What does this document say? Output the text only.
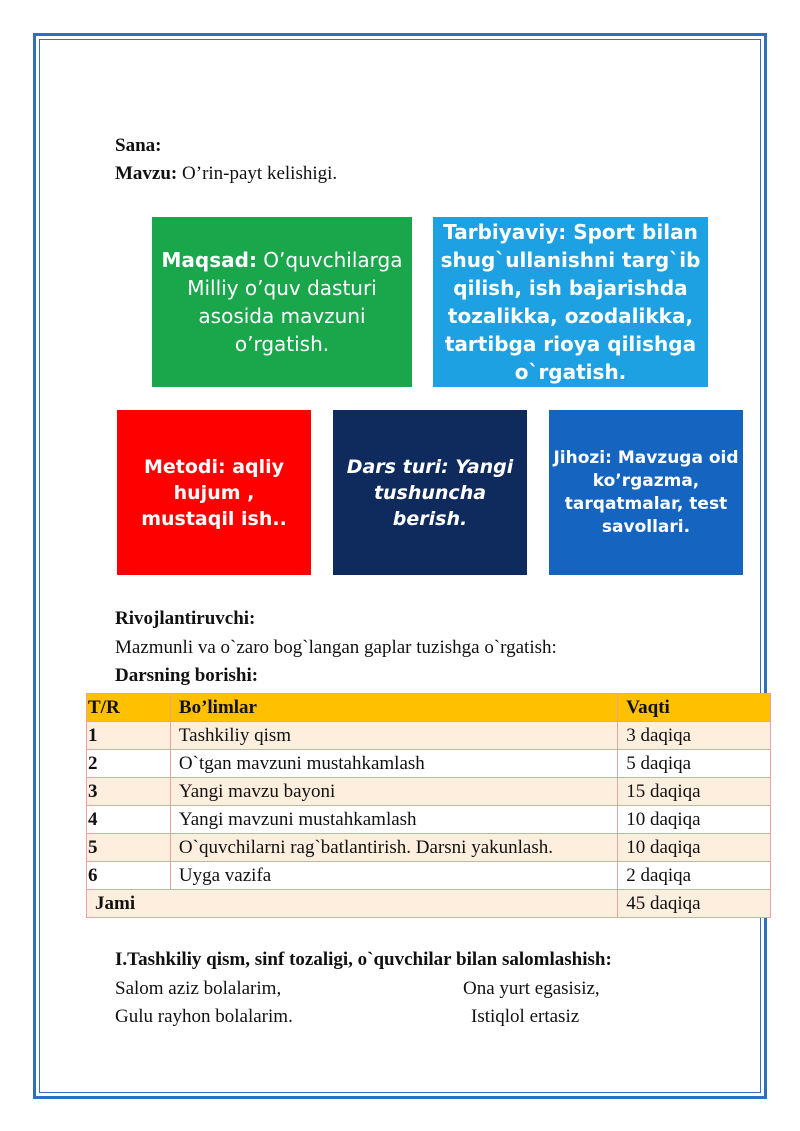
Sana:
Mavzu: O’rin-payt kelishigi.
Maqsad: O’quvchilarga Milliy o’quv dasturi asosida mavzuni o’rgatish.
Tarbiyaviy: Sport bilan shug`ullanishni targ`ib qilish, ish bajarishda tozalikka, ozodalikka, tartibga rioya qilishga o`rgatish.
Metodi: aqliy hujum , mustaqil ish..
Dars turi: Yangi tushuncha berish.
Jihozi: Mavzuga oid ko’rgazma, tarqatmalar, test savollari.
Rivojlantiruvchi:
Mazmunli va o`zaro bog`langan gaplar tuzishga o`rgatish:
Darsning borishi:
T/R	Bo’limlar	Vaqti
1	Tashkiliy qism	3 daqiqa
2	O`tgan mavzuni mustahkamlash	5 daqiqa
3	Yangi mavzu bayoni	15 daqiqa
4	Yangi mavzuni mustahkamlash	10 daqiqa
5	O`quvchilarni rag`batlantirish. Darsni yakunlash.	10 daqiqa
6	Uyga vazifa	2 daqiqa
Jami		45 daqiqa
I.Tashkiliy qism, sinf tozaligi, o`quvchilar bilan salomlashish:
Salom aziz bolalarim,
Gulu rayhon bolalarim.
Ona yurt egasisiz,
Istiqlol ertasiz
